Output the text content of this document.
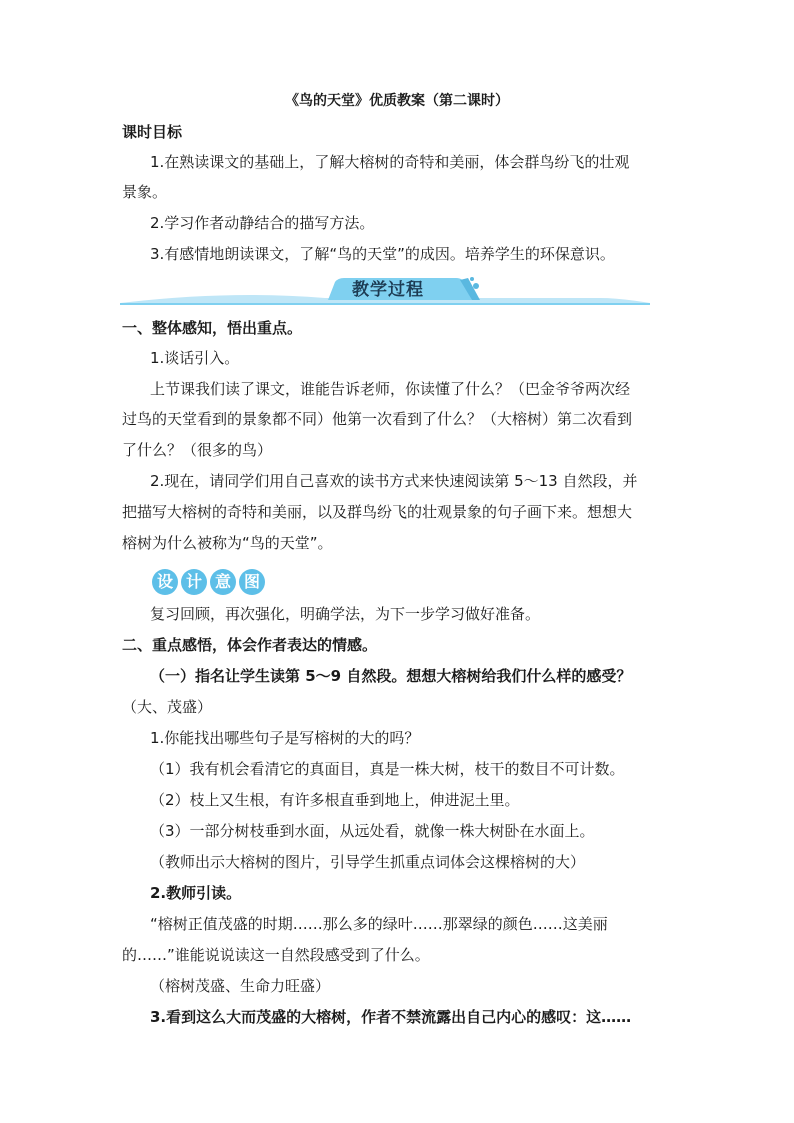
《鸟的天堂》优质教案（第二课时）
课时目标
1.在熟读课文的基础上，了解大榕树的奇特和美丽，体会群鸟纷飞的壮观
景象。
2.学习作者动静结合的描写方法。
3.有感情地朗读课文，了解“鸟的天堂”的成因。培养学生的环保意识。
教学过程
一、整体感知，悟出重点。
1.谈话引入。
上节课我们读了课文，谁能告诉老师，你读懂了什么？（巴金爷爷两次经
过鸟的天堂看到的景象都不同）他第一次看到了什么？（大榕树）第二次看到
了什么？（很多的鸟）
2.现在，请同学们用自己喜欢的读书方式来快速阅读第 5～13 自然段，并
把描写大榕树的奇特和美丽，以及群鸟纷飞的壮观景象的句子画下来。想想大
榕树为什么被称为“鸟的天堂”。
设 计 意 图
复习回顾，再次强化，明确学法，为下一步学习做好准备。
二、重点感悟，体会作者表达的情感。
（一）指名让学生读第 5～9 自然段。想想大榕树给我们什么样的感受？
（大、茂盛）
1.你能找出哪些句子是写榕树的大的吗？
（1）我有机会看清它的真面目，真是一株大树，枝干的数目不可计数。
（2）枝上又生根，有许多根直垂到地上，伸进泥土里。
（3）一部分树枝垂到水面，从远处看，就像一株大树卧在水面上。
（教师出示大榕树的图片，引导学生抓重点词体会这棵榕树的大）
2.教师引读。
“榕树正值茂盛的时期……那么多的绿叶……那翠绿的颜色……这美丽
的……”谁能说说读这一自然段感受到了什么。
（榕树茂盛、生命力旺盛）
3.看到这么大而茂盛的大榕树，作者不禁流露出自己内心的感叹：这……
